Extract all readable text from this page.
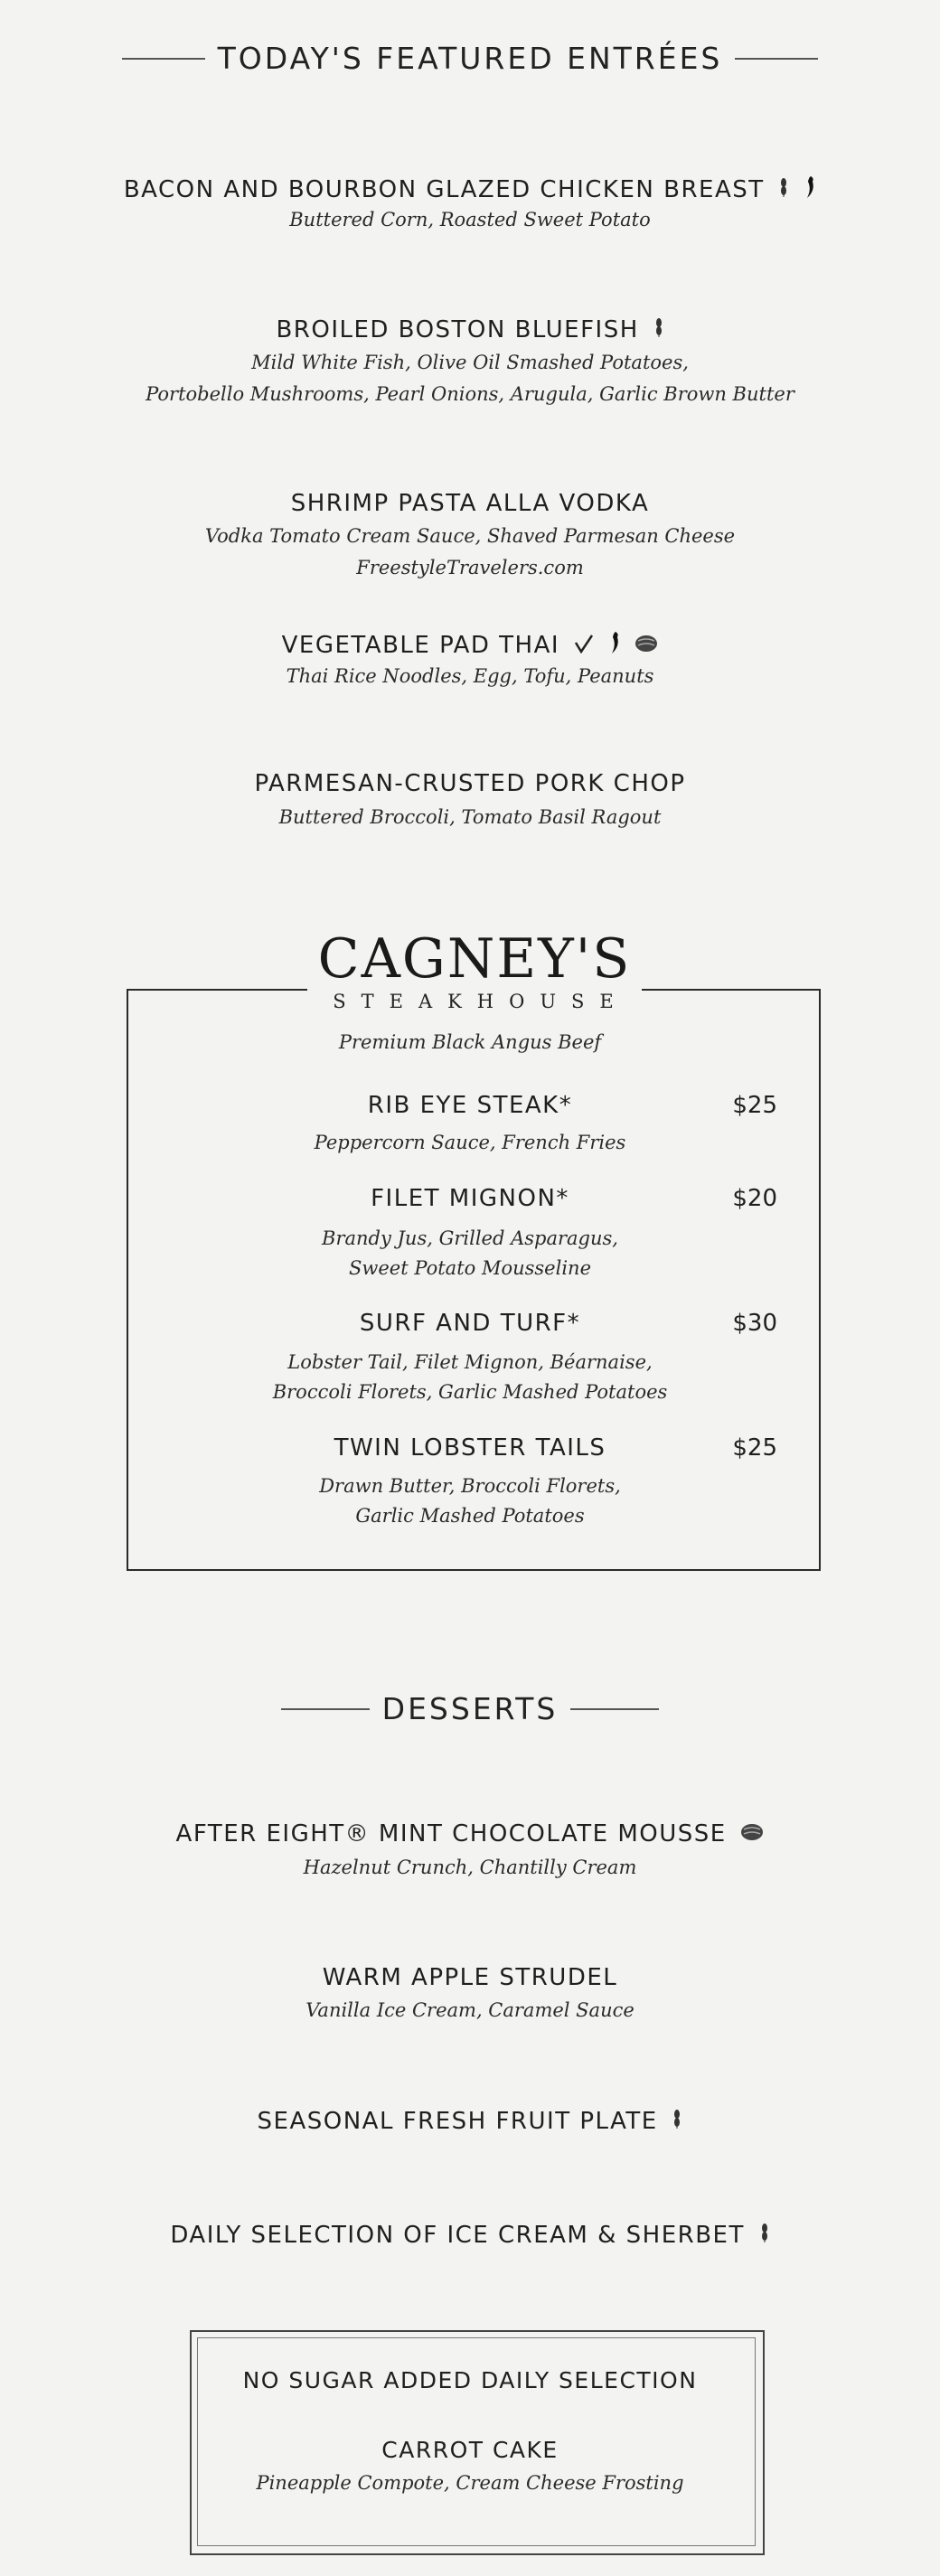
TODAY'S FEATURED ENTRÉES
BACON AND BOURBON GLAZED CHICKEN BREAST
Buttered Corn, Roasted Sweet Potato
BROILED BOSTON BLUEFISH
Mild White Fish, Olive Oil Smashed Potatoes,
Portobello Mushrooms, Pearl Onions, Arugula, Garlic Brown Butter
SHRIMP PASTA ALLA VODKA
Vodka Tomato Cream Sauce, Shaved Parmesan Cheese
FreestyleTravelers.com
VEGETABLE PAD THAI
Thai Rice Noodles, Egg, Tofu, Peanuts
PARMESAN-CRUSTED PORK CHOP
Buttered Broccoli, Tomato Basil Ragout
CAGNEY'S
STEAKHOUSE
Premium Black Angus Beef
RIB EYE STEAK*	$25
Peppercorn Sauce, French Fries
FILET MIGNON*	$20
Brandy Jus, Grilled Asparagus,
Sweet Potato Mousseline
SURF AND TURF*	$30
Lobster Tail, Filet Mignon, Béarnaise,
Broccoli Florets, Garlic Mashed Potatoes
TWIN LOBSTER TAILS	$25
Drawn Butter, Broccoli Florets,
Garlic Mashed Potatoes
DESSERTS
AFTER EIGHT® MINT CHOCOLATE MOUSSE
Hazelnut Crunch, Chantilly Cream
WARM APPLE STRUDEL
Vanilla Ice Cream, Caramel Sauce
SEASONAL FRESH FRUIT PLATE
DAILY SELECTION OF ICE CREAM & SHERBET
NO SUGAR ADDED DAILY SELECTION
CARROT CAKE
Pineapple Compote, Cream Cheese Frosting
